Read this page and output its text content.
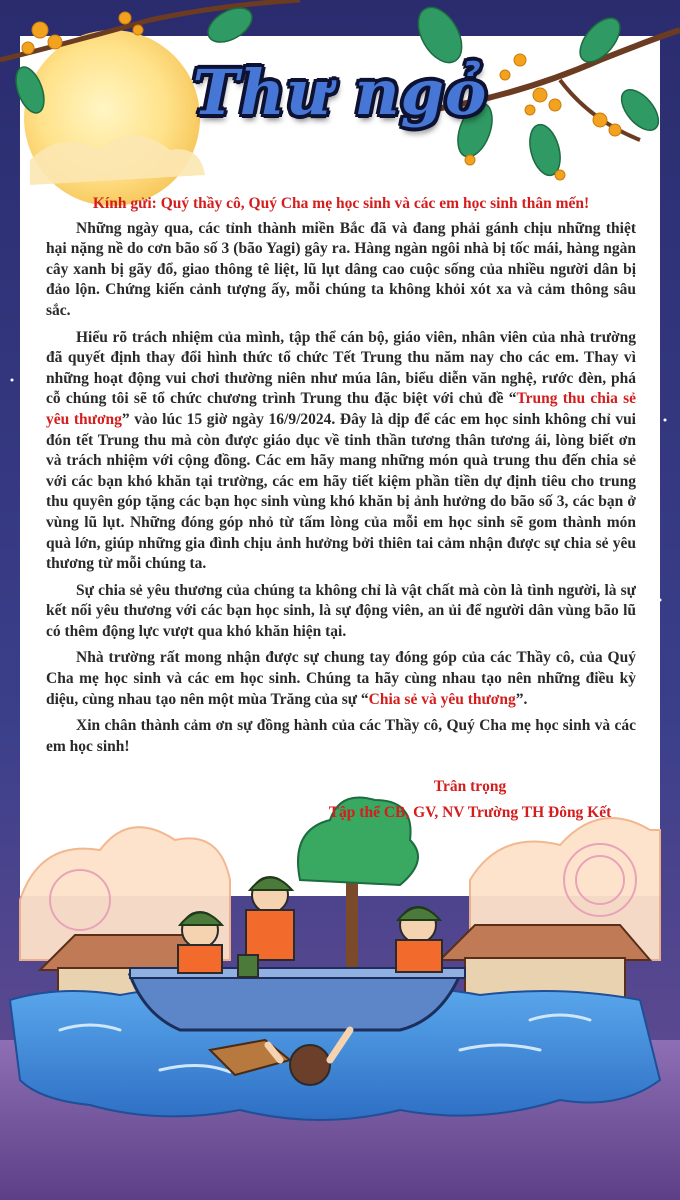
Thư ngỏ
Kính gửi: Quý thầy cô, Quý Cha mẹ học sinh và các em học sinh thân mến!

Những ngày qua, các tỉnh thành miền Bắc đã và đang phải gánh chịu những thiệt hại nặng nề do cơn bão số 3 (bão Yagi) gây ra. Hàng ngàn ngôi nhà bị tốc mái, hàng ngàn cây xanh bị gãy đổ, giao thông tê liệt, lũ lụt dâng cao cuộc sống của nhiều người dân bị đảo lộn. Chứng kiến cảnh tượng ấy, mỗi chúng ta không khỏi xót xa và cảm thông sâu sắc.

Hiểu rõ trách nhiệm của mình, tập thể cán bộ, giáo viên, nhân viên của nhà trường đã quyết định thay đổi hình thức tổ chức Tết Trung thu năm nay cho các em. Thay vì những hoạt động vui chơi thường niên như múa lân, biểu diễn văn nghệ, rước đèn, phá cỗ chúng tôi sẽ tổ chức chương trình Trung thu đặc biệt với chủ đề “Trung thu chia sẻ yêu thương” vào lúc 15 giờ ngày 16/9/2024. Đây là dịp để các em học sinh không chỉ vui đón tết Trung thu mà còn được giáo dục về tinh thần tương thân tương ái, lòng biết ơn và trách nhiệm với cộng đồng. Các em hãy mang những món quà trung thu đến chia sẻ với các bạn khó khăn tại trường, các em hãy tiết kiệm phần tiền dự định tiêu cho trung thu quyên góp tặng các bạn học sinh vùng khó khăn bị ảnh hưởng do bão số 3, các bạn ở vùng lũ lụt. Những đóng góp nhỏ từ tấm lòng của mỗi em học sinh sẽ gom thành món quà lớn, giúp những gia đình chịu ảnh hưởng bởi thiên tai cảm nhận được sự chia sẻ yêu thương từ mỗi chúng ta.

Sự chia sẻ yêu thương của chúng ta không chỉ là vật chất mà còn là tình người, là sự kết nối yêu thương với các bạn học sinh, là sự động viên, an ủi để người dân vùng bão lũ có thêm động lực vượt qua khó khăn hiện tại.

Nhà trường rất mong nhận được sự chung tay đóng góp của các Thầy cô, của Quý Cha mẹ học sinh và các em học sinh. Chúng ta hãy cùng nhau tạo nên những điều kỳ diệu, cùng nhau tạo nên một mùa Trăng của sự “Chia sẻ và yêu thương”.

Xin chân thành cảm ơn sự đồng hành của các Thầy cô, Quý Cha mẹ học sinh và các em học sinh!

Trân trọng
Tập thể CB, GV, NV Trường TH Đông Kết
